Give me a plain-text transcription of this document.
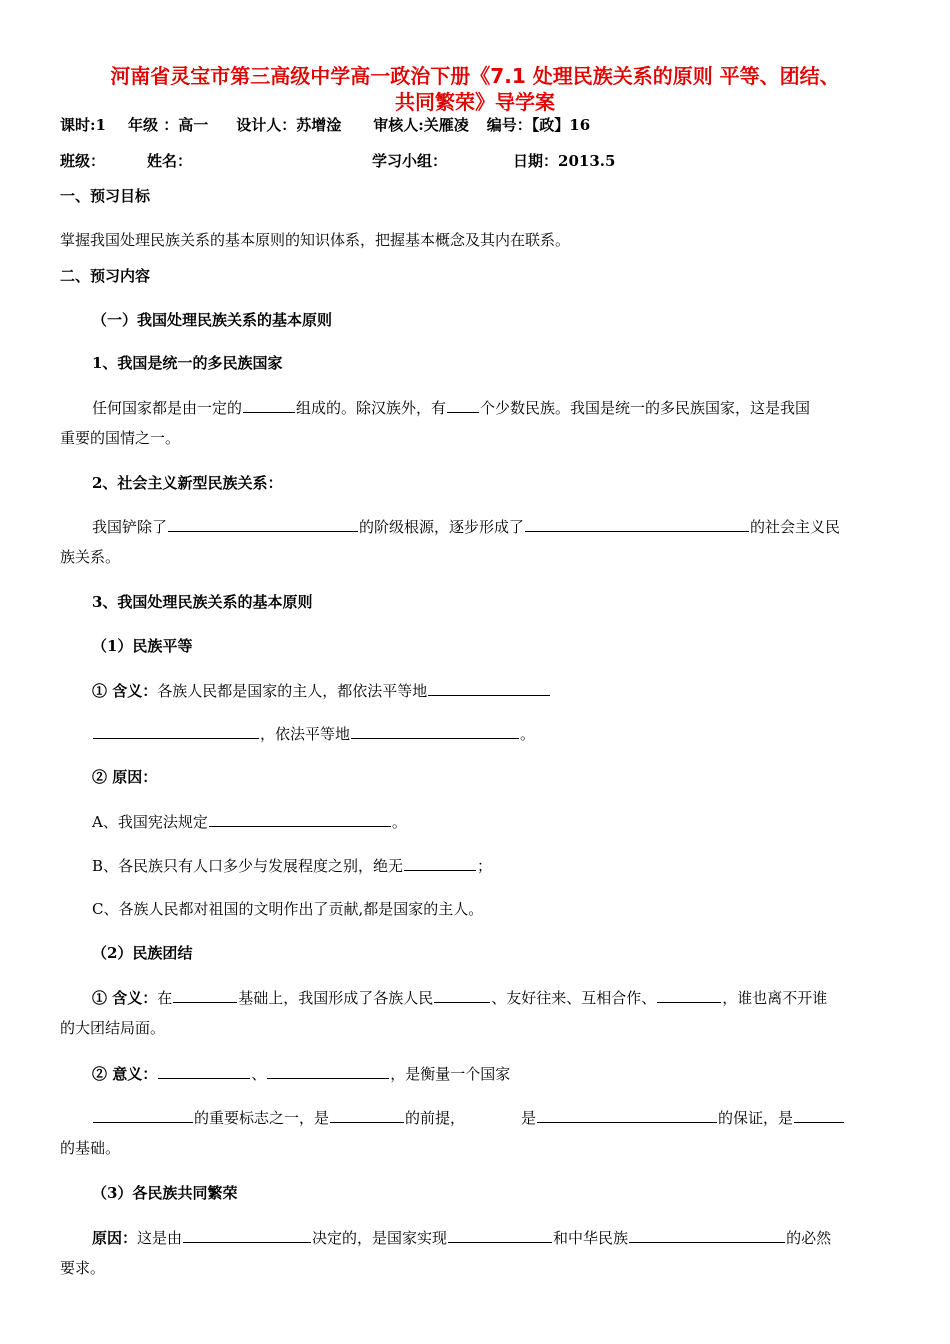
河南省灵宝市第三高级中学高一政治下册《7.1 处理民族关系的原则 平等、团结、
共同繁荣》导学案
课时:1 年级 ：高一 设计人：苏增淦 审核人:关雁凌 编号：【政】16
班级：	姓名：	学习小组：	日期：2013.5
一、预习目标
掌握我国处理民族关系的基本原则的知识体系，把握基本概念及其内在联系。
二、预习内容
（一）我国处理民族关系的基本原则
1、我国是统一的多民族国家
任何国家都是由一定的	组成的。除汉族外，有 个少数民族。我国是统一的多民族国家，这是我国
重要的国情之一。
2、社会主义新型民族关系：
我国铲除了	的阶级根源，逐步形成了	的社会主义民
族关系。
3、我国处理民族关系的基本原则
（1）民族平等
① 含义：各族人民都是国家的主人，都依法平等地
，依法平等地	。
② 原因：
A、我国宪法规定	。
B、各民族只有人口多少与发展程度之别，绝无	；
C、各族人民都对祖国的文明作出了贡献,都是国家的主人。
（2）民族团结
① 含义：在	基础上，我国形成了各族人民	、友好往来、互相合作、	，谁也离不开谁
的大团结局面。
② 意义：	、	，是衡量一个国家
的重要标志之一，是	的前提，	是	的保证，是
的基础。
（3）各民族共同繁荣
原因：这是由	决定的，是国家实现	和中华民族	的必然
要求。
